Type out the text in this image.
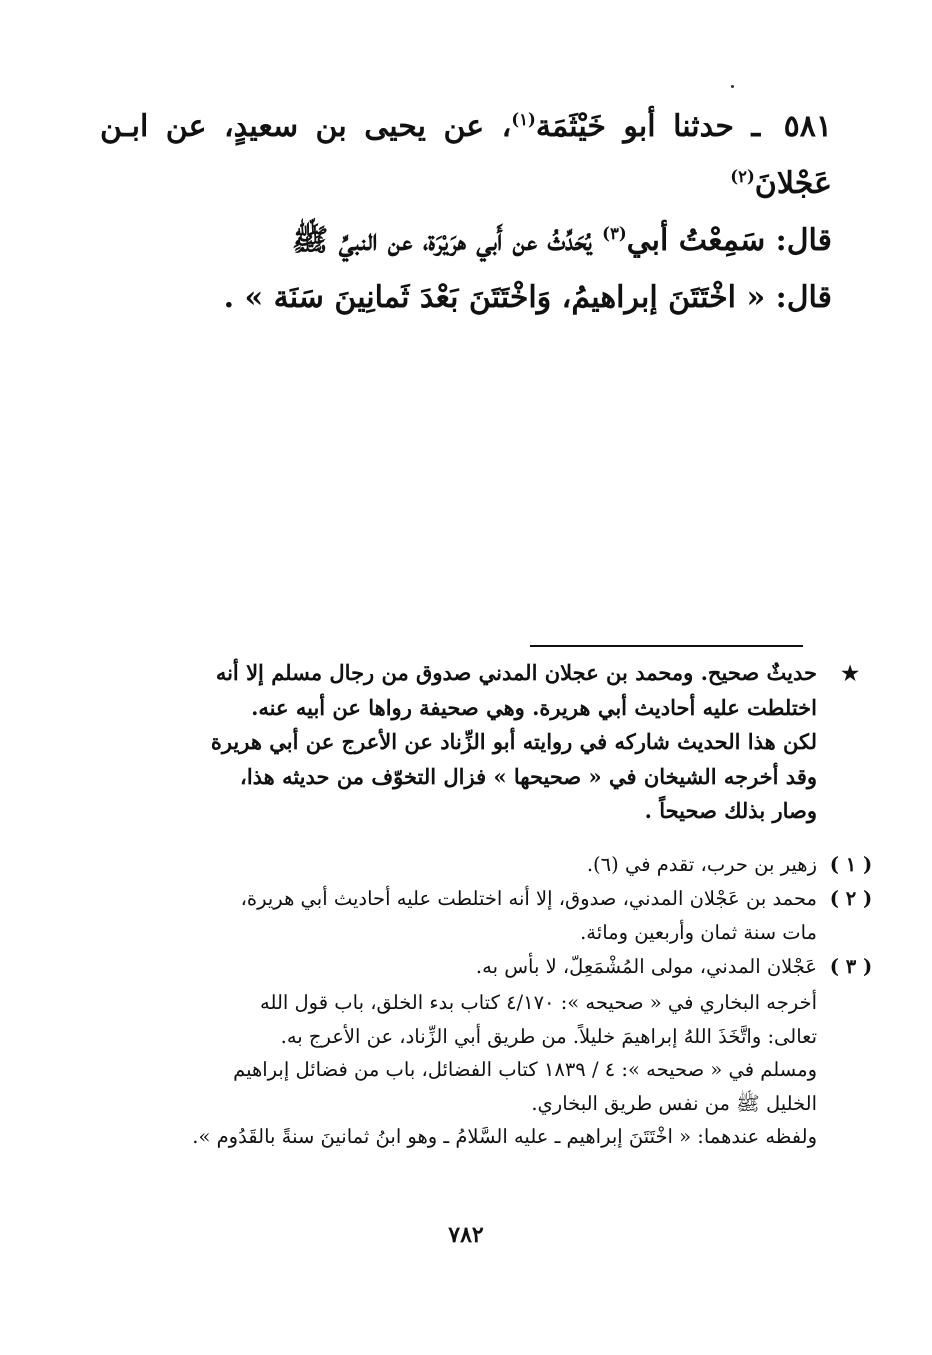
٥٨١ ـ حدثنا أبو خَيْثَمَة$^{(١)}$، عن يحيى بن سعيدٍ، عن ابـن عَجْلانَ$^{(٢)}$
قال: سَمِعْتُ أبي$^{(٣)}$ يُحَدِّثُ عن أَبي هرَيْرَة، عن النبيِّ ﷺ
قال: « اخْتَتَنَ إبراهيمُ، وَاخْتَتَنَ بَعْدَ ثَمانِينَ سَنَة » .
★

حديثٌ صحيح. ومحمد بن عجلان المدني صدوق من رجال مسلم إلا أنه

اختلطت عليه أحاديث أبي هريرة. وهي صحيفة رواها عن أبيه عنه.

لكن هذا الحديث شاركه في روايته أبو الزِّناد عن الأعرج عن أبي هريرة

وقد أخرجه الشيخان في « صحيحها » فزال التخوّف من حديثه هذا،

وصار بذلك صحيحاً .

( ١ )

زهير بن حرب، تقدم في (٦).

( ٢ )

محمد بن عَجْلان المدني، صدوق، إلا أنه اختلطت عليه أحاديث أبي هريرة،

مات سنة ثمان وأربعين ومائة.

( ٣ )

عَجْلان المدني، مولى المُشْمَعِلّ، لا بأس به.

أخرجه البخاري في « صحيحه »: ٤/١٧٠ كتاب بدء الخلق، باب قول الله

تعالى: واتَّخَذَ اللهُ إبراهيمَ خليلاً. من طريق أبي الزِّناد، عن الأعرج به.

ومسلم في « صحيحه »: ٤ / ١٨٣٩ كتاب الفضائل، باب من فضائل إبراهيم

الخليل ﷺ من نفس طريق البخاري.

ولفظه عندهما: « اخْتَتَنَ إبراهيم ـ عليه السَّلامُ ـ وهو ابنُ ثمانينَ سنةً بالقَدُوم ».

٧٨٢
